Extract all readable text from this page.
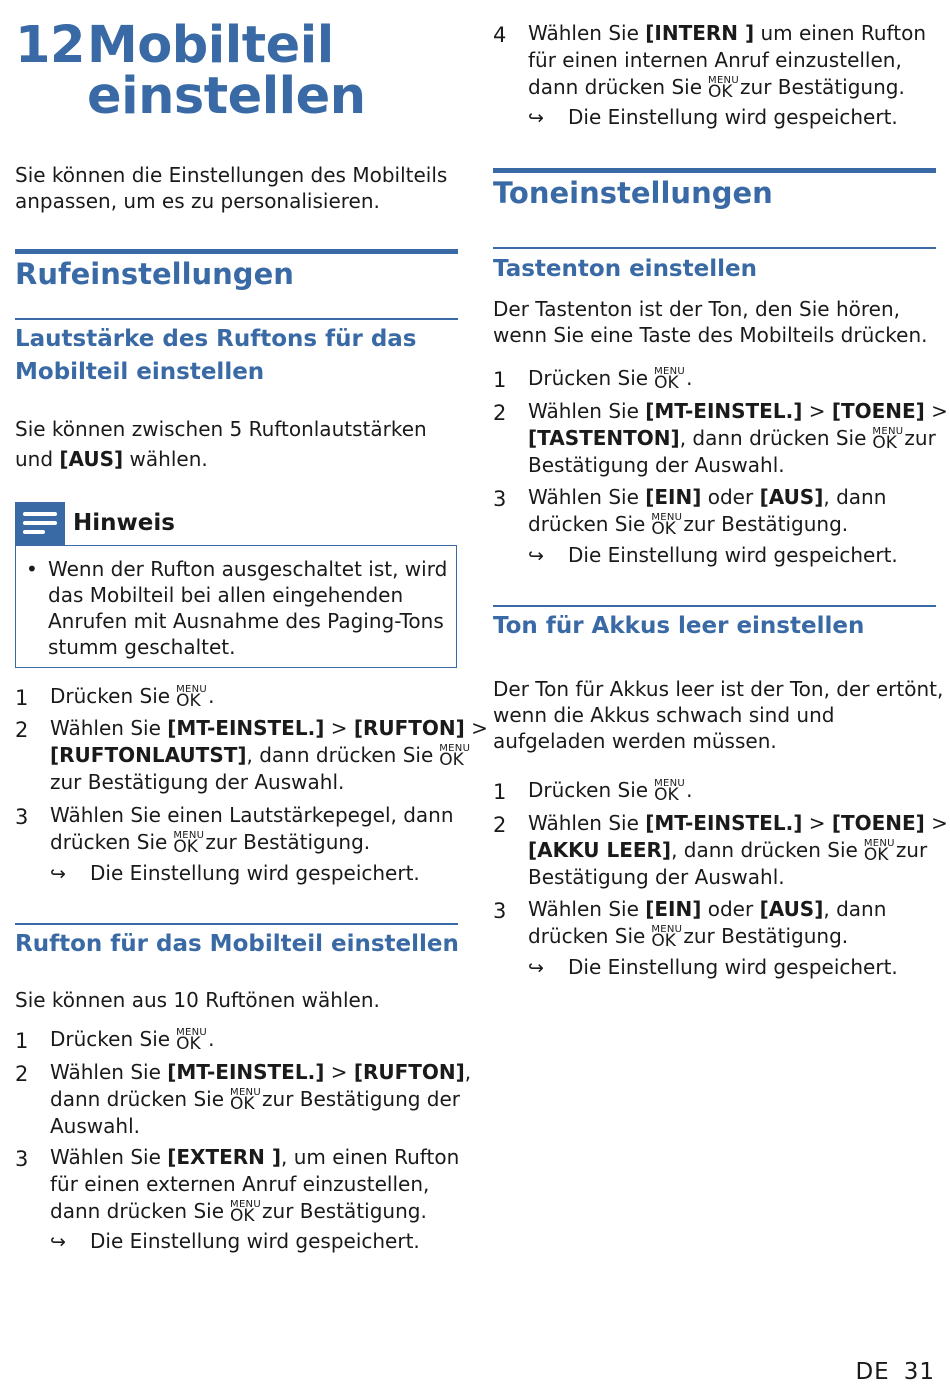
12Mobilteil
einstellen
Sie können die Einstellungen des Mobilteils
anpassen, um es zu personalisieren.
Rufeinstellungen
Lautstärke des Ruftons für das
Mobilteil einstellen
Sie können zwischen 5 Ruftonlautstärken
und [AUS] wählen.
Hinweis
• Wenn der Rufton ausgeschaltet ist, wird
das Mobilteil bei allen eingehenden
Anrufen mit Ausnahme des Paging-Tons
stumm geschaltet.
1 Drücken Sie MENU
OK .
2 Wählen Sie [MT-EINSTEL.] > [RUFTON] >
[RUFTONLAUTST], dann drücken Sie MENU
OK
zur Bestätigung der Auswahl.
3 Wählen Sie einen Lautstärkepegel, dann
drücken Sie MENU
OK zur Bestätigung.
↪ Die Einstellung wird gespeichert.
Rufton für das Mobilteil einstellen
Sie können aus 10 Ruftönen wählen.
1 Drücken Sie MENU
OK .
2 Wählen Sie [MT-EINSTEL.] > [RUFTON],
dann drücken Sie MENU
OK zur Bestätigung der
Auswahl.
3 Wählen Sie [EXTERN ], um einen Rufton
für einen externen Anruf einzustellen,
dann drücken Sie MENU
OK zur Bestätigung.
↪ Die Einstellung wird gespeichert.
4 Wählen Sie [INTERN ] um einen Rufton
für einen internen Anruf einzustellen,
dann drücken Sie MENU
OK zur Bestätigung.
↪ Die Einstellung wird gespeichert.
Toneinstellungen
Tastenton einstellen
Der Tastenton ist der Ton, den Sie hören,
wenn Sie eine Taste des Mobilteils drücken.
1 Drücken Sie MENU
OK .
2 Wählen Sie [MT-EINSTEL.] > [TOENE] >
[TASTENTON], dann drücken Sie MENU
OK zur
Bestätigung der Auswahl.
3 Wählen Sie [EIN] oder [AUS], dann
drücken Sie MENU
OK zur Bestätigung.
↪ Die Einstellung wird gespeichert.
Ton für Akkus leer einstellen
Der Ton für Akkus leer ist der Ton, der ertönt,
wenn die Akkus schwach sind und
aufgeladen werden müssen.
1 Drücken Sie MENU
OK .
2 Wählen Sie [MT-EINSTEL.] > [TOENE] >
[AKKU LEER], dann drücken Sie MENU
OK zur
Bestätigung der Auswahl.
3 Wählen Sie [EIN] oder [AUS], dann
drücken Sie MENU
OK zur Bestätigung.
↪ Die Einstellung wird gespeichert.
DE 31
